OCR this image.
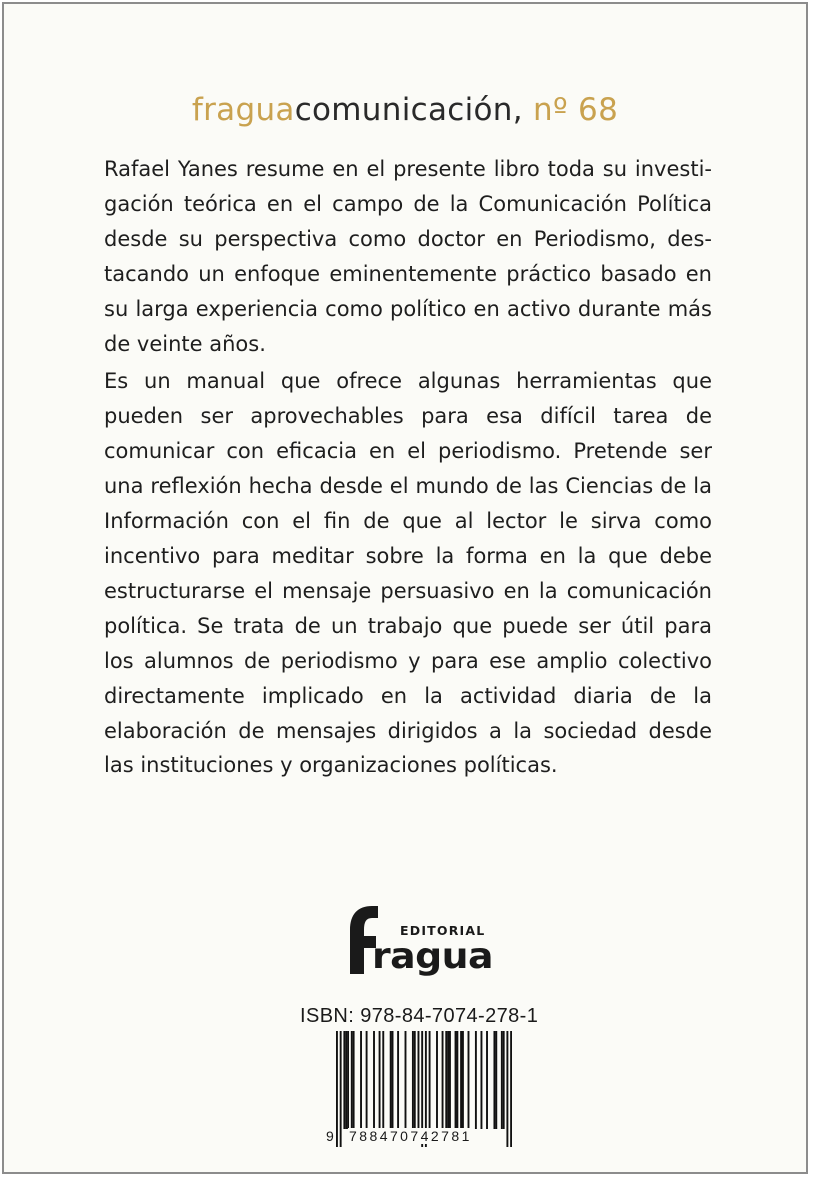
fraguacomunicación, nº 68

Rafael Yanes resume en el presente libro toda su investigación teórica en el campo de la Comunicación Política desde su perspectiva como doctor en Periodismo, destacando un enfoque eminentemente práctico basado en su larga experiencia como político en activo durante más de veinte años.

Es un manual que ofrece algunas herramientas que pueden ser aprovechables para esa difícil tarea de comunicar con eficacia en el periodismo. Pretende ser una reflexión hecha desde el mundo de las Ciencias de la Información con el fin de que al lector le sirva como incentivo para meditar sobre la forma en la que debe estructurarse el mensaje persuasivo en la comunicación política. Se trata de un trabajo que puede ser útil para los alumnos de periodismo y para ese amplio colectivo directamente implicado en la actividad diaria de la elaboración de mensajes dirigidos a la sociedad desde las instituciones y organizaciones políticas.

EDITORIAL
ragua
ISBN: 978-84-7074-278-1
9 788470742781
